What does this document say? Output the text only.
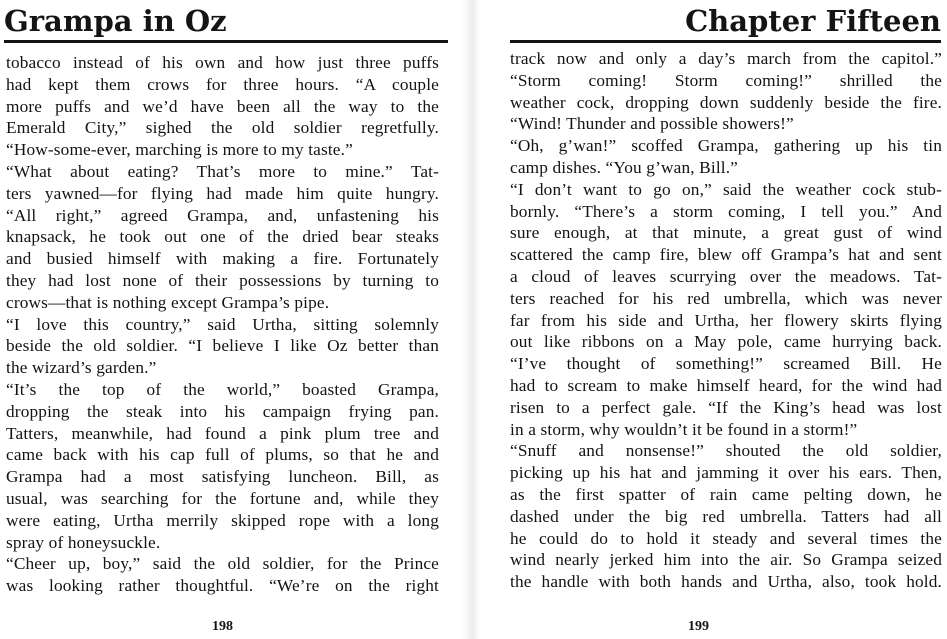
Grampa in Oz
tobacco instead of his own and how just three puffs
had kept them crows for three hours. “A couple
more puffs and we’d have been all the way to the
Emerald City,” sighed the old soldier regretfully.
“How-some-ever, marching is more to my taste.”
“What about eating? That’s more to mine.” Tat-
ters yawned—for flying had made him quite hungry.
“All right,” agreed Grampa, and, unfastening his
knapsack, he took out one of the dried bear steaks
and busied himself with making a fire. Fortunately
they had lost none of their possessions by turning to
crows—that is nothing except Grampa’s pipe.
“I love this country,” said Urtha, sitting solemnly
beside the old soldier. “I believe I like Oz better than
the wizard’s garden.”
“It’s the top of the world,” boasted Grampa,
dropping the steak into his campaign frying pan.
Tatters, meanwhile, had found a pink plum tree and
came back with his cap full of plums, so that he and
Grampa had a most satisfying luncheon. Bill, as
usual, was searching for the fortune and, while they
were eating, Urtha merrily skipped rope with a long
spray of honeysuckle.
“Cheer up, boy,” said the old soldier, for the Prince
was looking rather thoughtful. “We’re on the right
198
Chapter Fifteen
track now and only a day’s march from the capitol.”
“Storm coming! Storm coming!” shrilled the
weather cock, dropping down suddenly beside the fire.
“Wind! Thunder and possible showers!”
“Oh, g’wan!” scoffed Grampa, gathering up his tin
camp dishes. “You g’wan, Bill.”
“I don’t want to go on,” said the weather cock stub-
bornly. “There’s a storm coming, I tell you.” And
sure enough, at that minute, a great gust of wind
scattered the camp fire, blew off Grampa’s hat and sent
a cloud of leaves scurrying over the meadows. Tat-
ters reached for his red umbrella, which was never
far from his side and Urtha, her flowery skirts flying
out like ribbons on a May pole, came hurrying back.
“I’ve thought of something!” screamed Bill. He
had to scream to make himself heard, for the wind had
risen to a perfect gale. “If the King’s head was lost
in a storm, why wouldn’t it be found in a storm!”
“Snuff and nonsense!” shouted the old soldier,
picking up his hat and jamming it over his ears. Then,
as the first spatter of rain came pelting down, he
dashed under the big red umbrella. Tatters had all
he could do to hold it steady and several times the
wind nearly jerked him into the air. So Grampa seized
the handle with both hands and Urtha, also, took hold.
199
